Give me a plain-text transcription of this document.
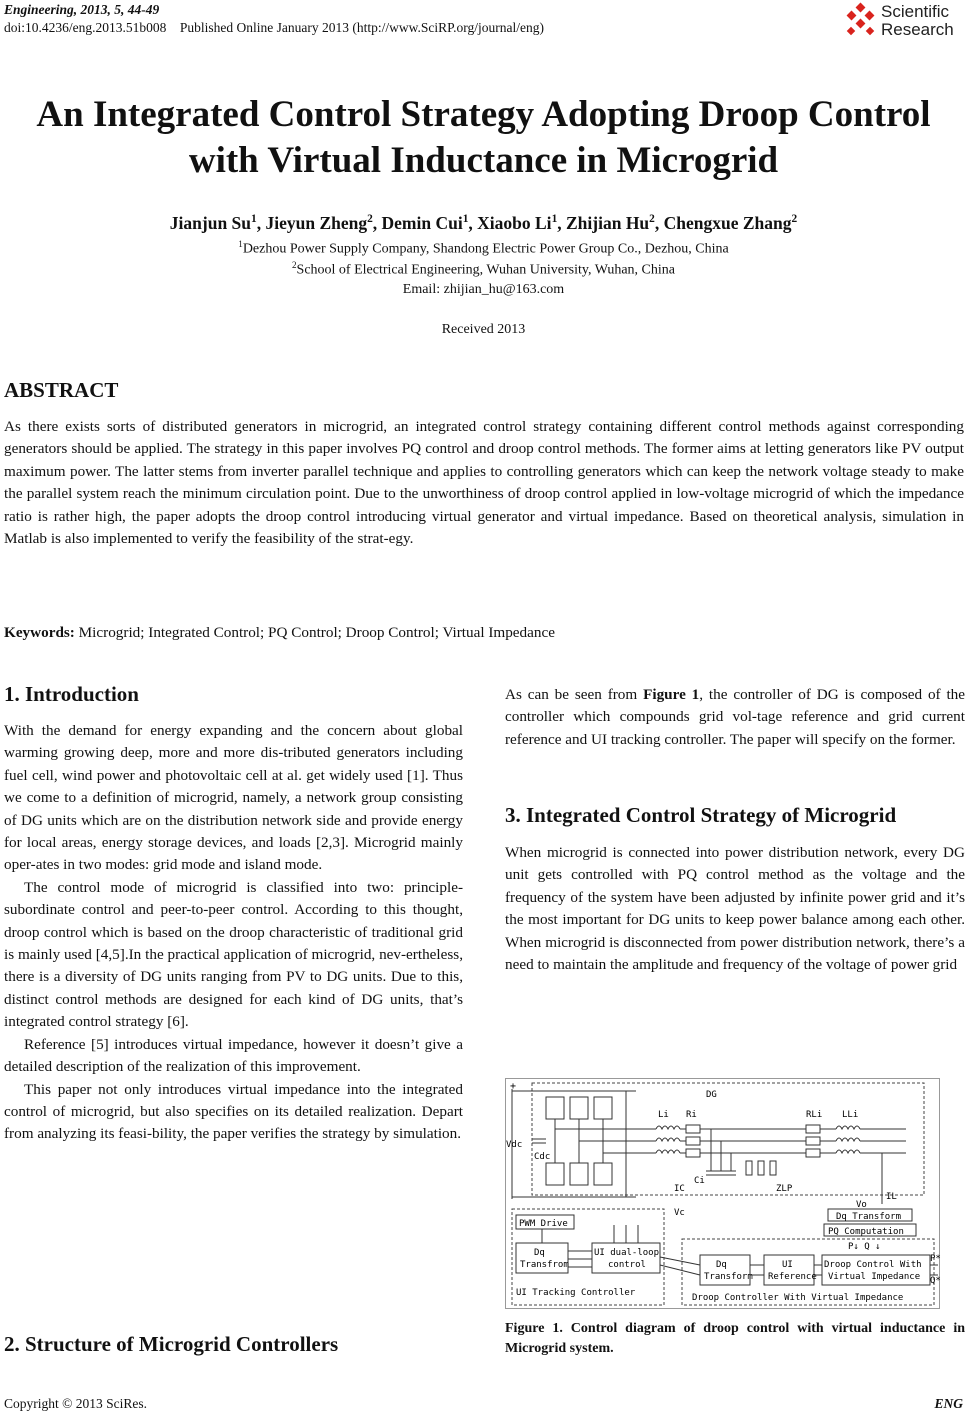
Engineering, 2013, 5, 44-49
doi:10.4236/eng.2013.51b008    Published Online January 2013 (http://www.SciRP.org/journal/eng)
Scientific
Research
An Integrated Control Strategy Adopting Droop Control
with Virtual Inductance in Microgrid
Jianjun Su$^1$, Jieyun Zheng$^2$, Demin Cui$^1$, Xiaobo Li$^1$, Zhijian Hu$^2$, Chengxue Zhang$^2$
$^1$Dezhou Power Supply Company, Shandong Electric Power Group Co., Dezhou, China
$^2$School of Electrical Engineering, Wuhan University, Wuhan, China
Email: zhijian_hu@163.com
Received 2013
ABSTRACT
As there exists sorts of distributed generators in microgrid, an integrated control strategy containing different control methods against corresponding generators should be applied. The strategy in this paper involves PQ control and droop control methods. The former aims at letting generators like PV output maximum power. The latter stems from inverter parallel technique and applies to controlling generators which can keep the network voltage steady to make the parallel system reach the minimum circulation point. Due to the unworthiness of droop control applied in low-voltage microgrid of which the impedance ratio is rather high, the paper adopts the droop control introducing virtual generator and virtual impedance. Based on theoretical analysis, simulation in Matlab is also implemented to verify the feasibility of the strat-egy.
Keywords: Microgrid; Integrated Control; PQ Control; Droop Control; Virtual Impedance
1. Introduction

With the demand for energy expanding and the concern about global warming growing deep, more and more dis-tributed generators including fuel cell, wind power and photovoltaic cell at al. get widely used [1]. Thus we come to a definition of microgrid, namely, a network group consisting of DG units which are on the distribution network side and provide energy for local areas, energy storage devices, and loads [2,3]. Microgrid mainly oper-ates in two modes: grid mode and island mode.

The control mode of microgrid is classified into two: principle-subordinate control and peer-to-peer control. According to this thought, droop control which is based on the droop characteristic of traditional grid is mainly used [4,5].In the practical application of microgrid, nev-ertheless, there is a diversity of DG units ranging from PV to DG units. Due to this, distinct control methods are designed for each kind of DG units, that’s integrated control strategy [6].

Reference [5] introduces virtual impedance, however it doesn’t give a detailed description of the realization of this improvement.

This paper not only introduces virtual impedance into the integrated control of microgrid, but also specifies on its detailed realization. Depart from analyzing its feasi-bility, the paper verifies the strategy by simulation.

2. Structure of Microgrid Controllers

As can be seen from Figure 1, the controller of DG is composed of the controller which compounds grid vol-tage reference and grid current reference and UI tracking controller. The paper will specify on the former.

3. Integrated Control Strategy of Microgrid

When microgrid is connected into power distribution network, every DG unit gets controlled with PQ control method as the voltage and the frequency of the system have been adjusted by infinite power grid and it’s the most important for DG units to keep power balance among each other. When microgrid is disconnected from power distribution network, there’s a need to maintain the amplitude and frequency of the voltage of power grid

DG
+
Vdc
Cdc
Li Ri
Ci
IC
RLi LLi
ZLP
Vo
IL
Vc
PWM Drive
Dq
Transfrom
UI dual-loop
control
UI Tracking Controller
Dq Transform
PQ Computation
P↓ Q ↓
Dq
Transform
UI
Reference
Droop Control With
Virtual Impedance
P*
Q*
Droop Controller With Virtual Impedance
Figure 1. Control diagram of droop control with virtual inductance in Microgrid system.
Copyright © 2013 SciRes.	ENG
